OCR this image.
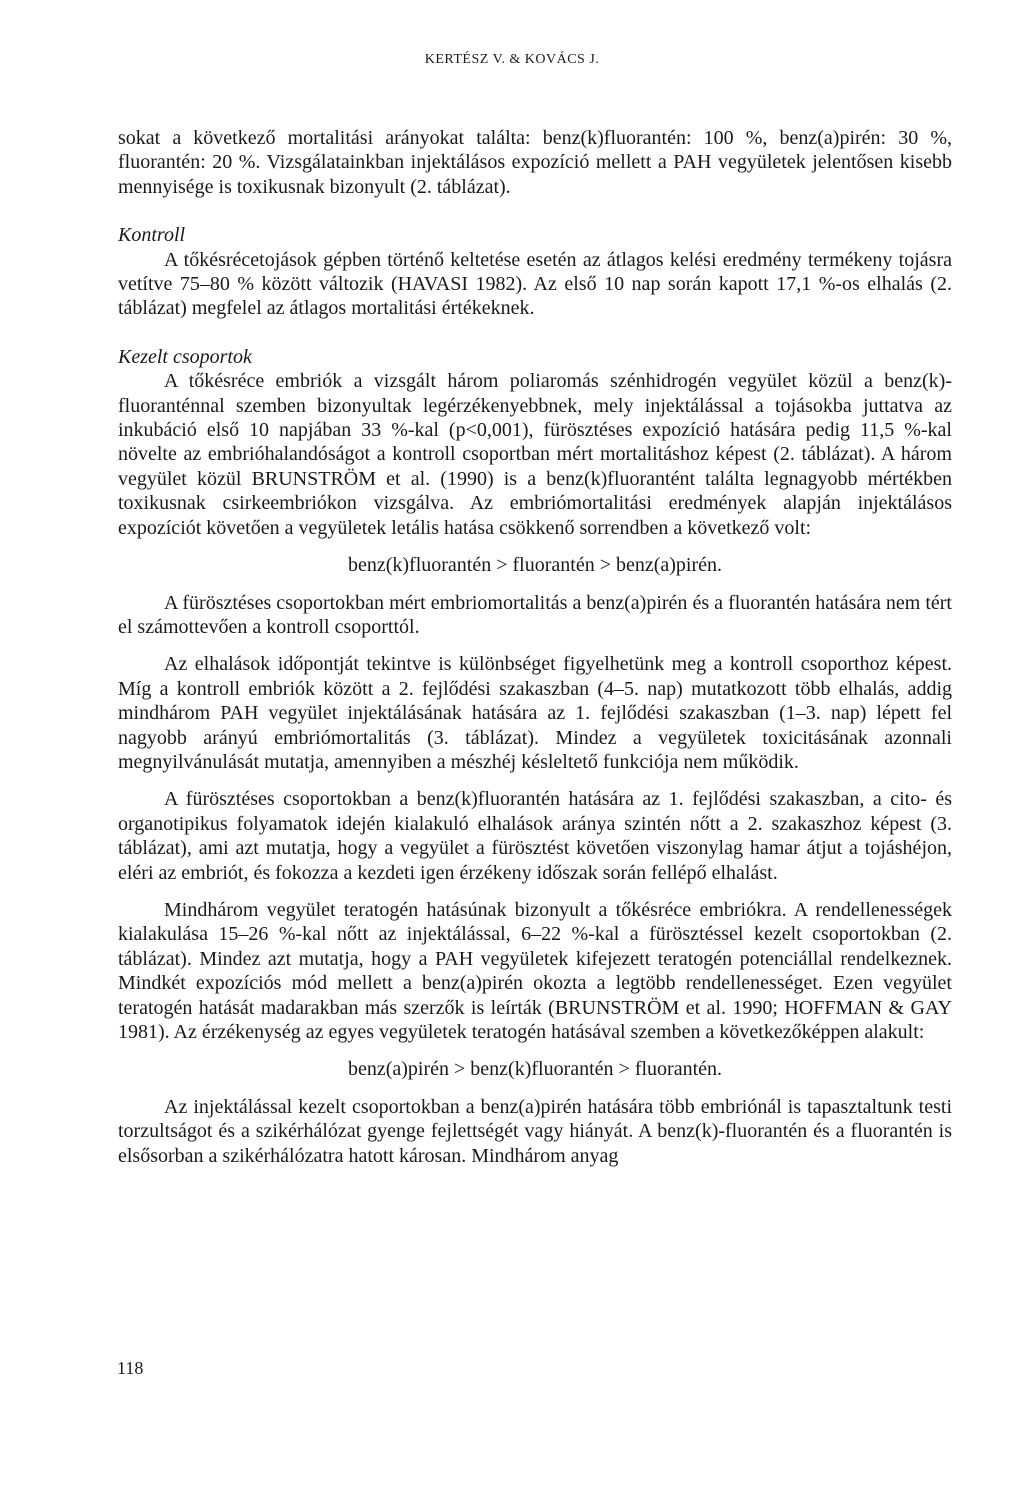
KERTÉSZ V. & KOVÁCS J.

sokat a következő mortalitási arányokat találta: benz(k)fluorantén: 100 %, benz(a)pirén: 30 %, fluorantén: 20 %. Vizsgálatainkban injektálásos expozíció mellett a PAH vegyületek jelentősen kisebb mennyisége is toxikusnak bizonyult (2. táblázat).

Kontroll

A tőkésrécetojások gépben történő keltetése esetén az átlagos kelési eredmény termékeny tojásra vetítve 75–80 % között változik (HAVASI 1982). Az első 10 nap során kapott 17,1 %-os elhalás (2. táblázat) megfelel az átlagos mortalitási értékeknek.

Kezelt csoportok

A tőkésréce embriók a vizsgált három poliaromás szénhidrogén vegyület közül a benz(k)-fluoranténnal szemben bizonyultak legérzékenyebbnek, mely injektálással a tojásokba juttatva az inkubáció első 10 napjában 33 %-kal (p<0,001), fürösztéses expozíció hatására pedig 11,5 %-kal növelte az embrióhalandóságot a kontroll csoportban mért mortalitáshoz képest (2. táblázat). A három vegyület közül BRUNSTRÖM et al. (1990) is a benz(k)fluorantént találta legnagyobb mértékben toxikusnak csirkeembriókon vizsgálva. Az embriómortalitási eredmények alapján injektálásos expozíciót követően a vegyületek letális hatása csökkenő sorrendben a következő volt:

benz(k)fluorantén > fluorantén > benz(a)pirén.

A fürösztéses csoportokban mért embriomortalitás a benz(a)pirén és a fluorantén hatására nem tért el számottevően a kontroll csoporttól.

Az elhalások időpontját tekintve is különbséget figyelhetünk meg a kontroll csoporthoz képest. Míg a kontroll embriók között a 2. fejlődési szakaszban (4–5. nap) mutatkozott több elhalás, addig mindhárom PAH vegyület injektálásának hatására az 1. fejlődési szakaszban (1–3. nap) lépett fel nagyobb arányú embriómortalitás (3. táblázat). Mindez a vegyületek toxicitásának azonnali megnyilvánulását mutatja, amennyiben a mészhéj késleltető funkciója nem működik.

A fürösztéses csoportokban a benz(k)fluorantén hatására az 1. fejlődési szakaszban, a cito- és organotipikus folyamatok idején kialakuló elhalások aránya szintén nőtt a 2. szakaszhoz képest (3. táblázat), ami azt mutatja, hogy a vegyület a fürösztést követően viszonylag hamar átjut a tojáshéjon, eléri az embriót, és fokozza a kezdeti igen érzékeny időszak során fellépő elhalást.

Mindhárom vegyület teratogén hatásúnak bizonyult a tőkésréce embriókra. A rendellenességek kialakulása 15–26 %-kal nőtt az injektálással, 6–22 %-kal a fürösztéssel kezelt csoportokban (2. táblázat). Mindez azt mutatja, hogy a PAH vegyületek kifejezett teratogén potenciállal rendelkeznek. Mindkét expozíciós mód mellett a benz(a)pirén okozta a legtöbb rendellenességet. Ezen vegyület teratogén hatását madarakban más szerzők is leírták (BRUNSTRÖM et al. 1990; HOFFMAN & GAY 1981). Az érzékenység az egyes vegyületek teratogén hatásával szemben a következőképpen alakult:

benz(a)pirén > benz(k)fluorantén > fluorantén.

Az injektálással kezelt csoportokban a benz(a)pirén hatására több embriónál is tapasztaltunk testi torzultságot és a szikérhálózat gyenge fejlettségét vagy hiányát. A benz(k)-fluorantén és a fluorantén is elsősorban a szikérhálózatra hatott károsan. Mindhárom anyag

118
